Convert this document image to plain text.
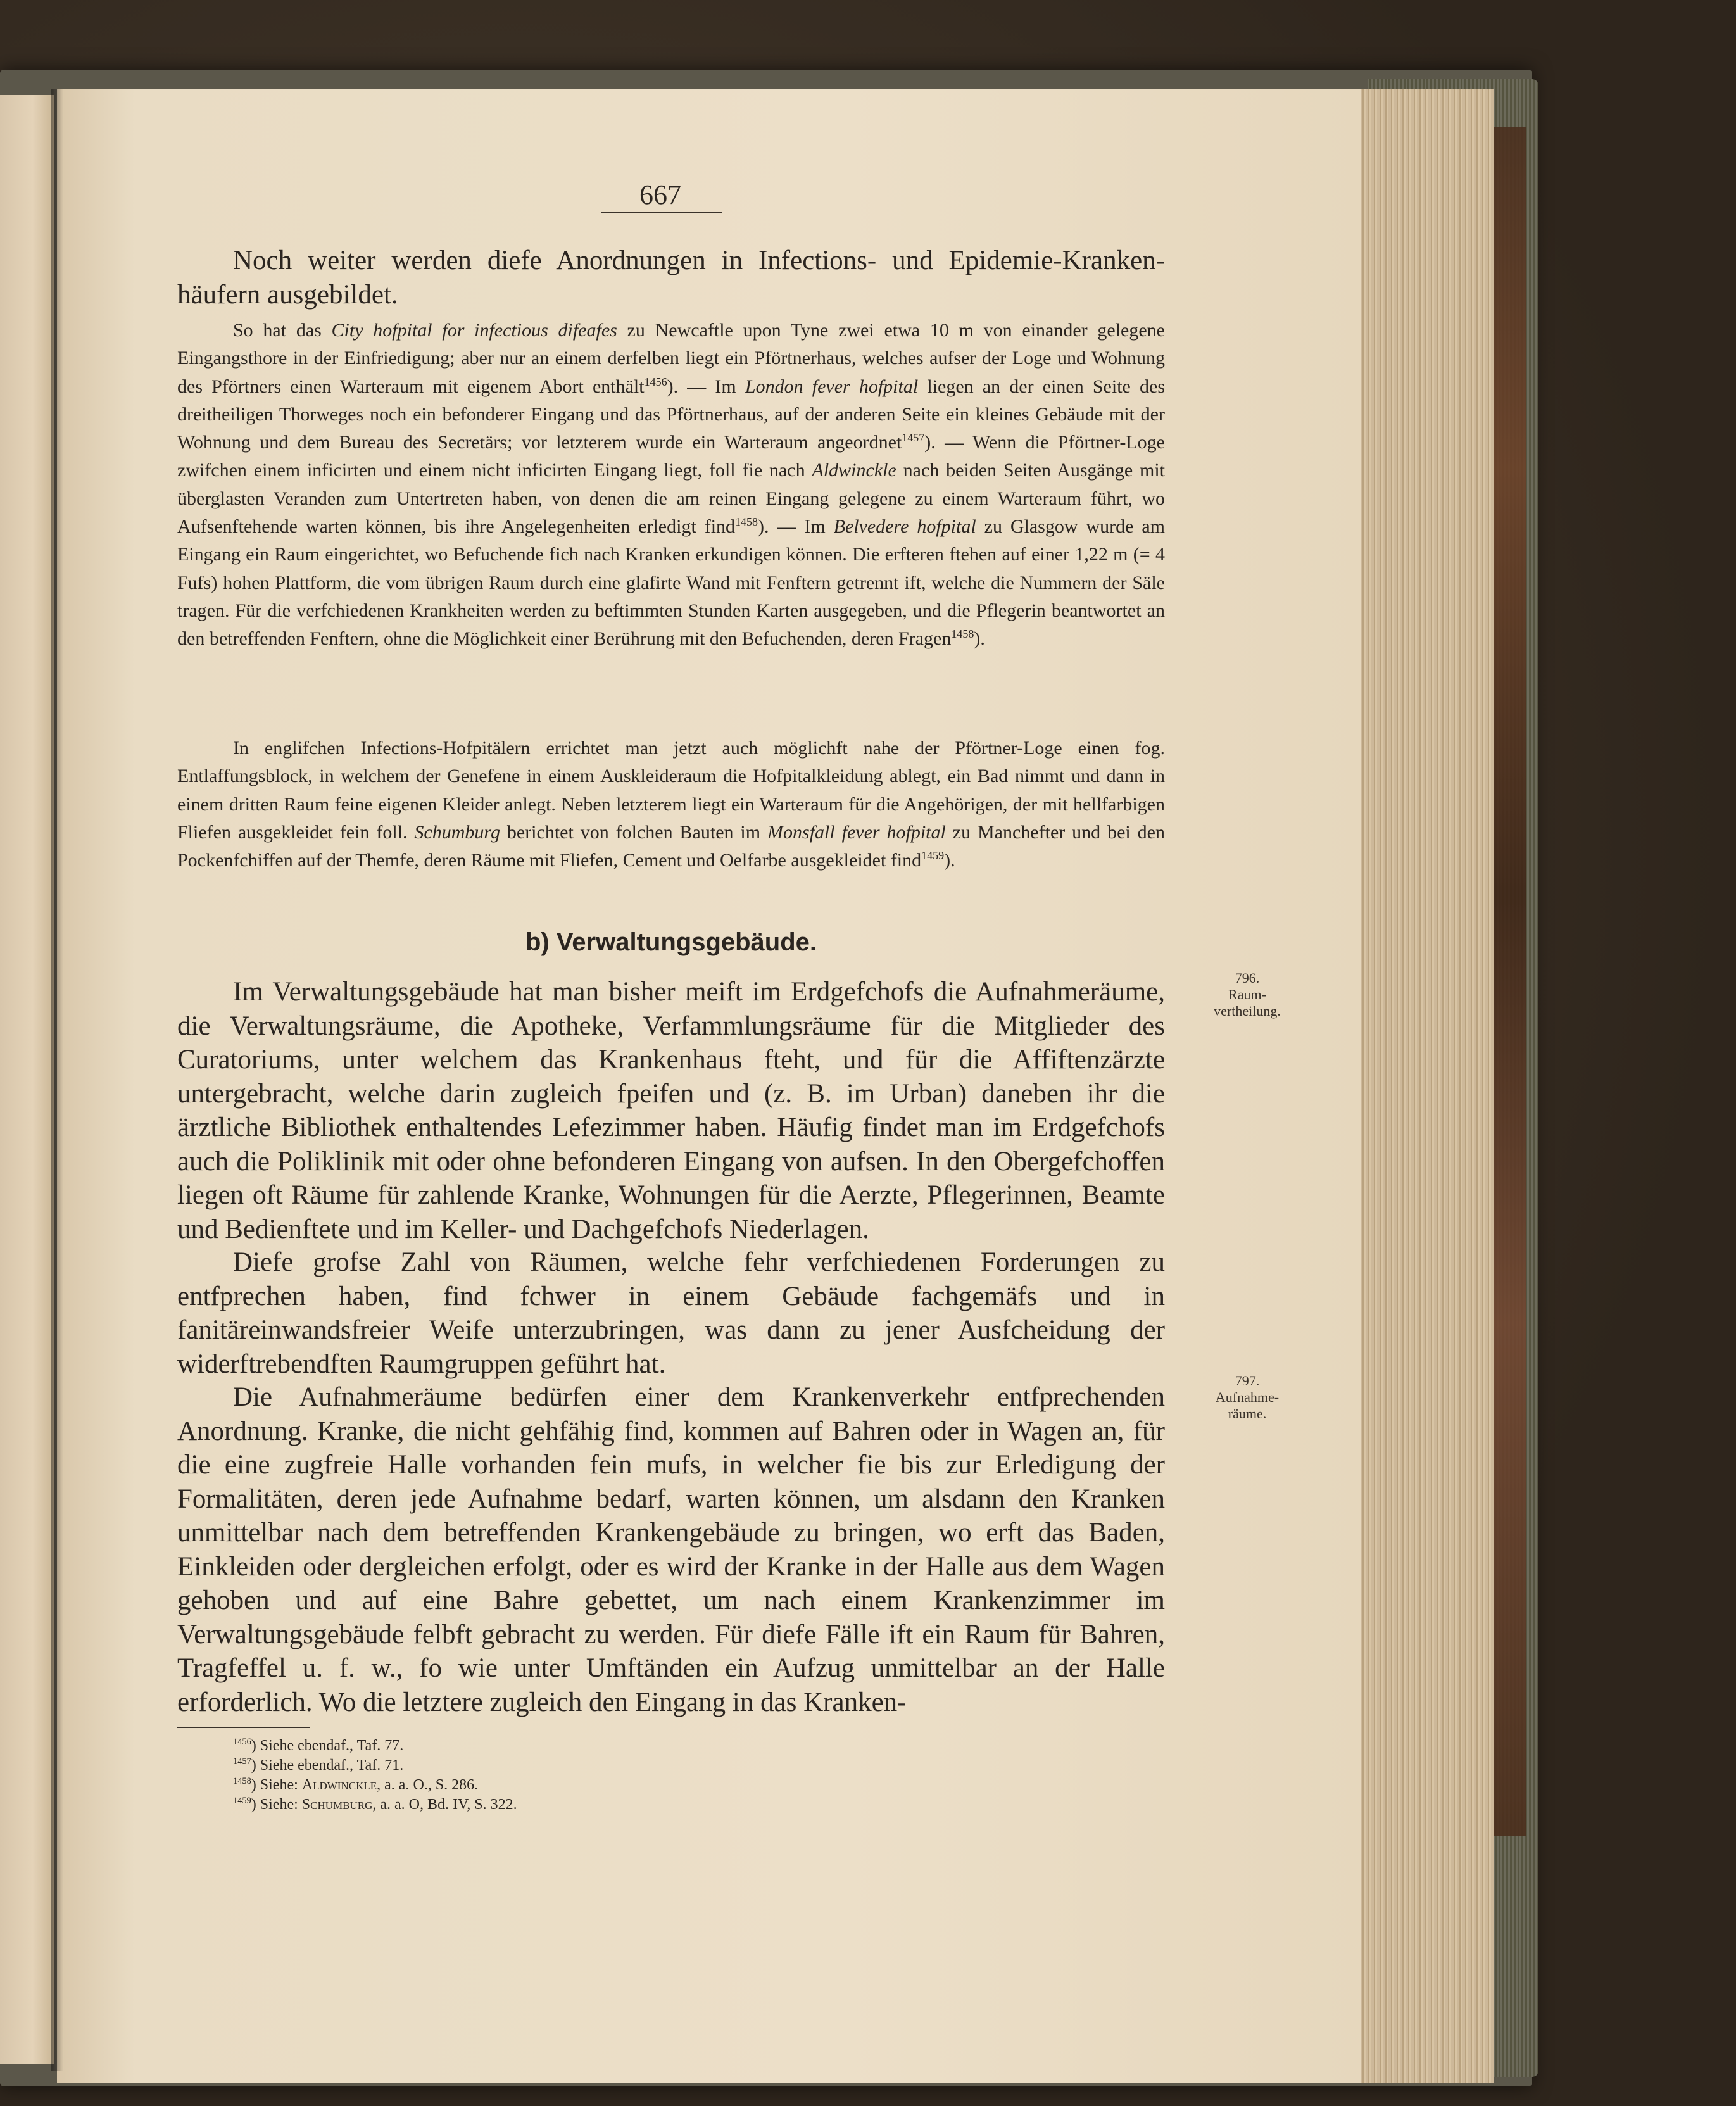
667
Noch weiter werden diefe Anordnungen in Infections- und Epidemie-Kranken-
häufern ausgebildet.
So hat das City hofpital for infectious difeafes zu Newcaftle upon Tyne zwei etwa 10 m von einander gelegene Eingangsthore in der Einfriedigung; aber nur an einem derfelben liegt ein Pförtnerhaus, welches aufser der Loge und Wohnung des Pförtners einen Warteraum mit eigenem Abort enthält$^{1456}$). — Im London fever hofpital liegen an der einen Seite des dreitheiligen Thorweges noch ein befonderer Eingang und das Pförtnerhaus, auf der anderen Seite ein kleines Gebäude mit der Wohnung und dem Bureau des Secretärs; vor letzterem wurde ein Warteraum angeordnet$^{1457}$). — Wenn die Pförtner-Loge zwifchen einem inficirten und einem nicht inficirten Eingang liegt, foll fie nach Aldwinckle nach beiden Seiten Ausgänge mit überglasten Veranden zum Untertreten haben, von denen die am reinen Eingang gelegene zu einem Warteraum führt, wo Aufsenftehende warten können, bis ihre Angelegenheiten erledigt find$^{1458}$). — Im Belvedere hofpital zu Glasgow wurde am Eingang ein Raum eingerichtet, wo Befuchende fich nach Kranken erkundigen können. Die erfteren ftehen auf einer 1,22 m (= 4 Fufs) hohen Plattform, die vom übrigen Raum durch eine glafirte Wand mit Fenftern getrennt ift, welche die Nummern der Säle tragen. Für die verfchiedenen Krankheiten werden zu beftimmten Stunden Karten ausgegeben, und die Pflegerin beantwortet an den betreffenden Fenftern, ohne die Möglichkeit einer Berührung mit den Befuchenden, deren Fragen$^{1458}$).
In englifchen Infections-Hofpitälern errichtet man jetzt auch möglichft nahe der Pförtner-Loge einen fog. Entlaffungsblock, in welchem der Genefene in einem Auskleideraum die Hofpitalkleidung ablegt, ein Bad nimmt und dann in einem dritten Raum feine eigenen Kleider anlegt. Neben letzterem liegt ein Warteraum für die Angehörigen, der mit hellfarbigen Fliefen ausgekleidet fein foll. Schumburg berichtet von folchen Bauten im Monsfall fever hofpital zu Manchefter und bei den Pockenfchiffen auf der Themfe, deren Räume mit Fliefen, Cement und Oelfarbe ausgekleidet find$^{1459}$).
b) Verwaltungsgebäude.
Im Verwaltungsgebäude hat man bisher meift im Erdgefchofs die Aufnahmeräume, die Verwaltungsräume, die Apotheke, Verfammlungsräume für die Mitglieder des Curatoriums, unter welchem das Krankenhaus fteht, und für die Affiftenzärzte untergebracht, welche darin zugleich fpeifen und (z. B. im Urban) daneben ihr die ärztliche Bibliothek enthaltendes Lefezimmer haben. Häufig findet man im Erdgefchofs auch die Poliklinik mit oder ohne befonderen Eingang von aufsen. In den Obergefchoffen liegen oft Räume für zahlende Kranke, Wohnungen für die Aerzte, Pflegerinnen, Beamte und Bedienftete und im Keller- und Dachgefchofs Niederlagen.
Diefe grofse Zahl von Räumen, welche fehr verfchiedenen Forderungen zu entfprechen haben, find fchwer in einem Gebäude fachgemäfs und in fanitäreinwandsfreier Weife unterzubringen, was dann zu jener Ausfcheidung der widerftrebendften Raumgruppen geführt hat.
Die Aufnahmeräume bedürfen einer dem Krankenverkehr entfprechenden Anordnung. Kranke, die nicht gehfähig find, kommen auf Bahren oder in Wagen an, für die eine zugfreie Halle vorhanden fein mufs, in welcher fie bis zur Erledigung der Formalitäten, deren jede Aufnahme bedarf, warten können, um alsdann den Kranken unmittelbar nach dem betreffenden Krankengebäude zu bringen, wo erft das Baden, Einkleiden oder dergleichen erfolgt, oder es wird der Kranke in der Halle aus dem Wagen gehoben und auf eine Bahre gebettet, um nach einem Krankenzimmer im Verwaltungsgebäude felbft gebracht zu werden. Für diefe Fälle ift ein Raum für Bahren, Tragfeffel u. f. w., fo wie unter Umftänden ein Aufzug unmittelbar an der Halle erforderlich. Wo die letztere zugleich den Eingang in das Kranken-
796.
Raum-
vertheilung.
797.
Aufnahme-
räume.
$^{1456}$) Siehe ebendaf., Taf. 77.
$^{1457}$) Siehe ebendaf., Taf. 71.
$^{1458}$) Siehe: Aldwinckle, a. a. O., S. 286.
$^{1459}$) Siehe: Schumburg, a. a. O, Bd. IV, S. 322.
